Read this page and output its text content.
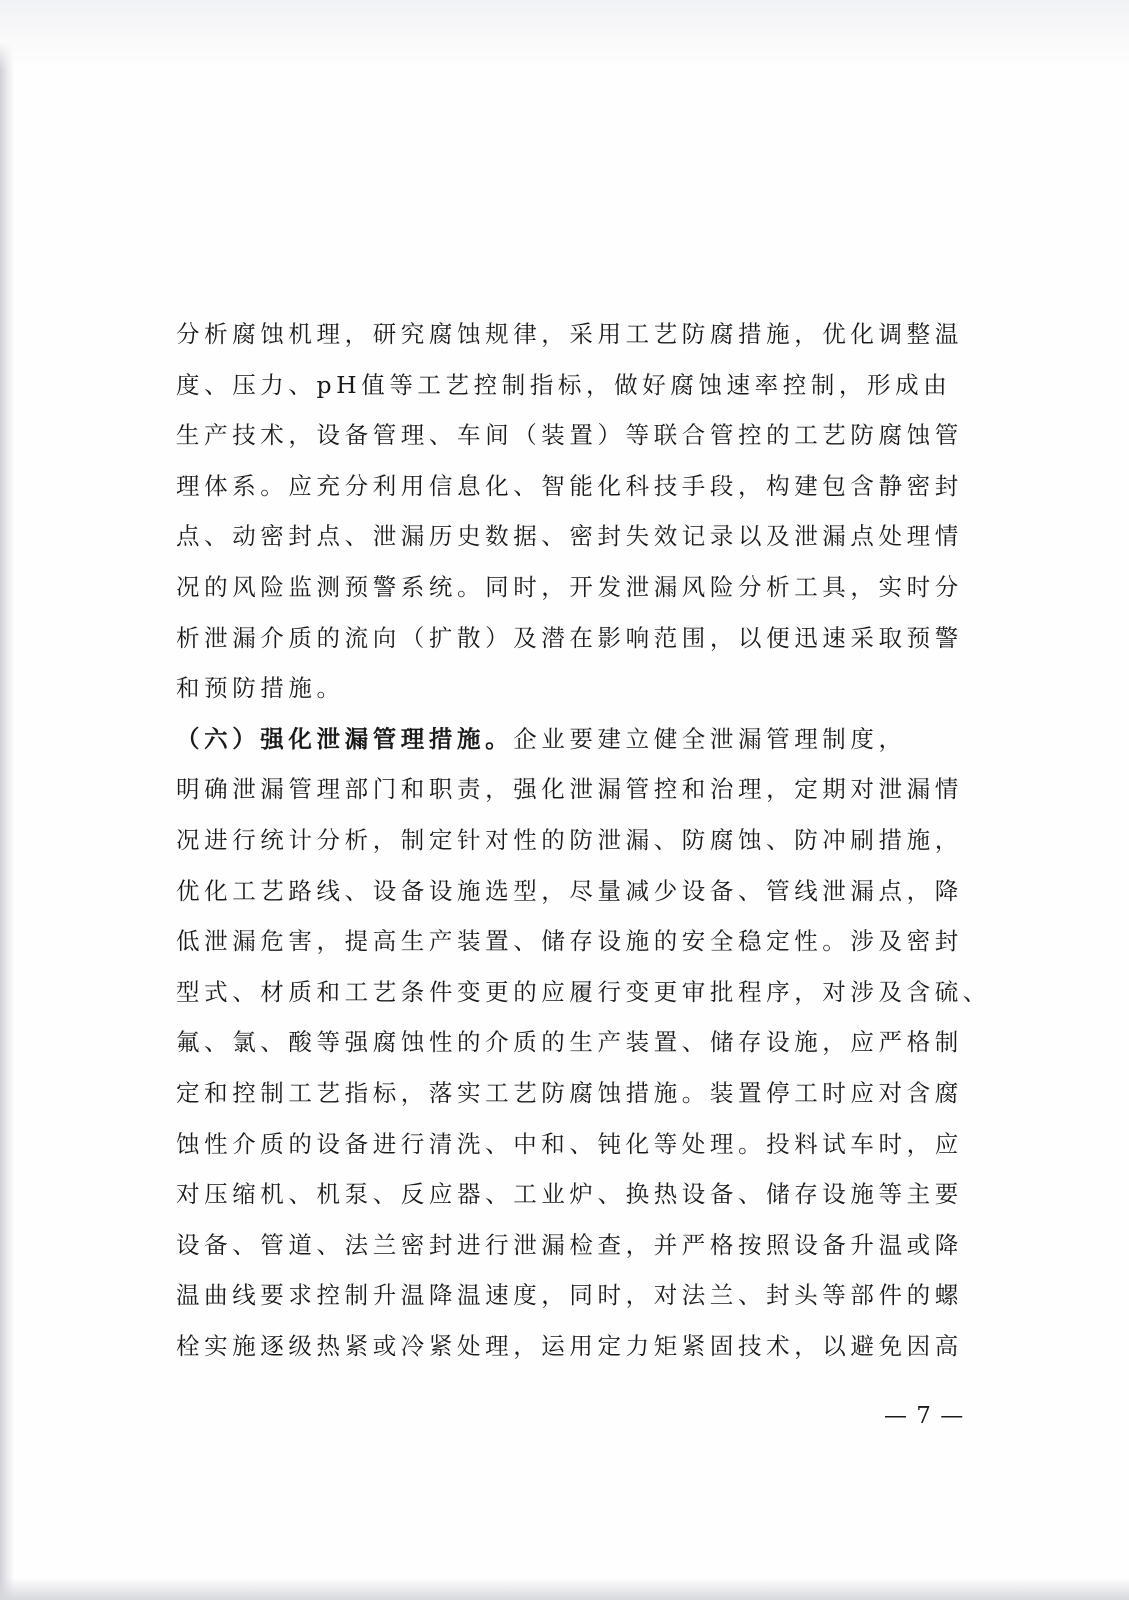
分析腐蚀机理，研究腐蚀规律，采用工艺防腐措施，优化调整温
度、压力、pH值等工艺控制指标，做好腐蚀速率控制，形成由
生产技术，设备管理、车间（装置）等联合管控的工艺防腐蚀管
理体系。应充分利用信息化、智能化科技手段，构建包含静密封
点、动密封点、泄漏历史数据、密封失效记录以及泄漏点处理情
况的风险监测预警系统。同时，开发泄漏风险分析工具，实时分
析泄漏介质的流向（扩散）及潜在影响范围，以便迅速采取预警
和预防措施。
（六）强化泄漏管理措施。企业要建立健全泄漏管理制度，
明确泄漏管理部门和职责，强化泄漏管控和治理，定期对泄漏情
况进行统计分析，制定针对性的防泄漏、防腐蚀、防冲刷措施，
优化工艺路线、设备设施选型，尽量减少设备、管线泄漏点，降
低泄漏危害，提高生产装置、储存设施的安全稳定性。涉及密封
型式、材质和工艺条件变更的应履行变更审批程序，对涉及含硫、
氟、氯、酸等强腐蚀性的介质的生产装置、储存设施，应严格制
定和控制工艺指标，落实工艺防腐蚀措施。装置停工时应对含腐
蚀性介质的设备进行清洗、中和、钝化等处理。投料试车时，应
对压缩机、机泵、反应器、工业炉、换热设备、储存设施等主要
设备、管道、法兰密封进行泄漏检查，并严格按照设备升温或降
温曲线要求控制升温降温速度，同时，对法兰、封头等部件的螺
栓实施逐级热紧或冷紧处理，运用定力矩紧固技术，以避免因高
— 7 —
